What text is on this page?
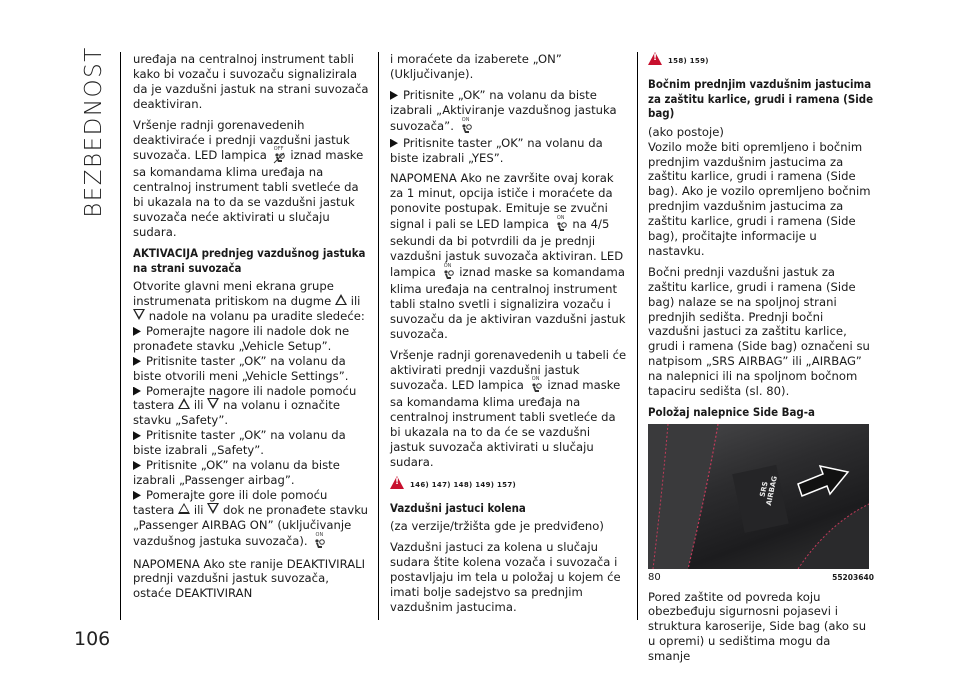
BEZBEDNOST
106

uređaja na centralnoj instrument tabli kako bi vozaču i suvozaču signalizirala da je vazdušni jastuk na strani suvozača deaktiviran.

Vršenje radnji gorenavedenih deaktiviraće i prednji vazdušni jastuk suvozača. LED lampica	OFF iznad maske sa komandama klima uređaja na centralnoj instrument tabli svetleće da bi ukazala na to da se vazdušni jastuk suvozača neće aktivirati u slučaju sudara.

AKTIVACIJA prednjeg vazdušnog jastuka na strani suvozača

Otvorite glavni meni ekrana grupe instrumenata pritiskom na dugme ili  nadole na volanu pa uradite sledeće:

Pomerajte nagore ili nadole dok ne pronađete stavku „Vehicle Setup”.

Pritisnite taster „OK” na volanu da biste otvorili meni „Vehicle Settings”.

Pomerajte nagore ili nadole pomoću tastera ili na volanu i označite stavku „Safety”.

Pritisnite taster „OK” na volanu da biste izabrali „Safety”.

Pritisnite „OK” na volanu da biste izabrali „Passenger airbag”.

Pomerajte gore ili dole pomoću tastera ili dok ne pronađete stavku „Passenger AIRBAG ON” (uključivanje vazdušnog jastuka suvozača).	ON

NAPOMENA Ako ste ranije DEAKTIVIRALI prednji vazdušni jastuk suvozača, ostaće DEAKTIVIRAN

i moraćete da izaberete „ON” (Uključivanje).

Pritisnite „OK” na volanu da biste izabrali „Aktiviranje vazdušnog jastuka suvozača”.	ON

Pritisnite taster „OK” na volanu da biste izabrali „YES”.

NAPOMENA Ako ne završite ovaj korak za 1 minut, opcija ističe i moraćete da ponovite postupak. Emituje se zvučni signal i pali se LED lampica	ON na 4/5 sekundi da bi potvrdili da je prednji vazdušni jastuk suvozača aktiviran. LED lampica	ON iznad maske sa komandama klima uređaja na centralnoj instrument tabli stalno svetli i signalizira vozaču i suvozaču da je aktiviran vazdušni jastuk suvozača.

Vršenje radnji gorenavedenih u tabeli će aktivirati prednji vazdušni jastuk suvozača. LED lampica	ON iznad maske sa komandama klima uređaja na centralnoj instrument tabli svetleće da bi ukazala na to da će se vazdušni jastuk suvozača aktivirati u slučaju sudara.

!146) 147) 148) 149) 157)
Vazdušni jastuci kolena

(za verzije/tržišta gde je predviđeno)

Vazdušni jastuci za kolena u slučaju sudara štite kolena vozača i suvozača i postavljaju im tela u položaj u kojem će imati bolje sadejstvo sa prednjim vazdušnim jastucima.

!158) 159)
Bočnim prednjim vazdušnim jastucima za zaštitu karlice, grudi i ramena (Side bag)

(ako postoje)

Vozilo može biti opremljeno i bočnim prednjim vazdušnim jastucima za zaštitu karlice, grudi i ramena (Side bag). Ako je vozilo opremljeno bočnim prednjim vazdušnim jastucima za zaštitu karlice, grudi i ramena (Side bag), pročitajte informacije u nastavku.

Bočni prednji vazdušni jastuk za zaštitu karlice, grudi i ramena (Side bag) nalaze se na spoljnoj strani prednjih sedišta. Prednji bočni vazdušni jastuci za zaštitu karlice, grudi i ramena (Side bag) označeni su natpisom „SRS AIRBAG” ili „AIRBAG” na nalepnici ili na spoljnom bočnom tapaciru sedišta (sl. 80).

Položaj nalepnice Side Bag-a
SRS AIRBAG
80	55203640

Pored zaštite od povreda koju obezbeđuju sigurnosni pojasevi i struktura karoserije, Side bag (ako su u opremi) u sedištima mogu da smanje
